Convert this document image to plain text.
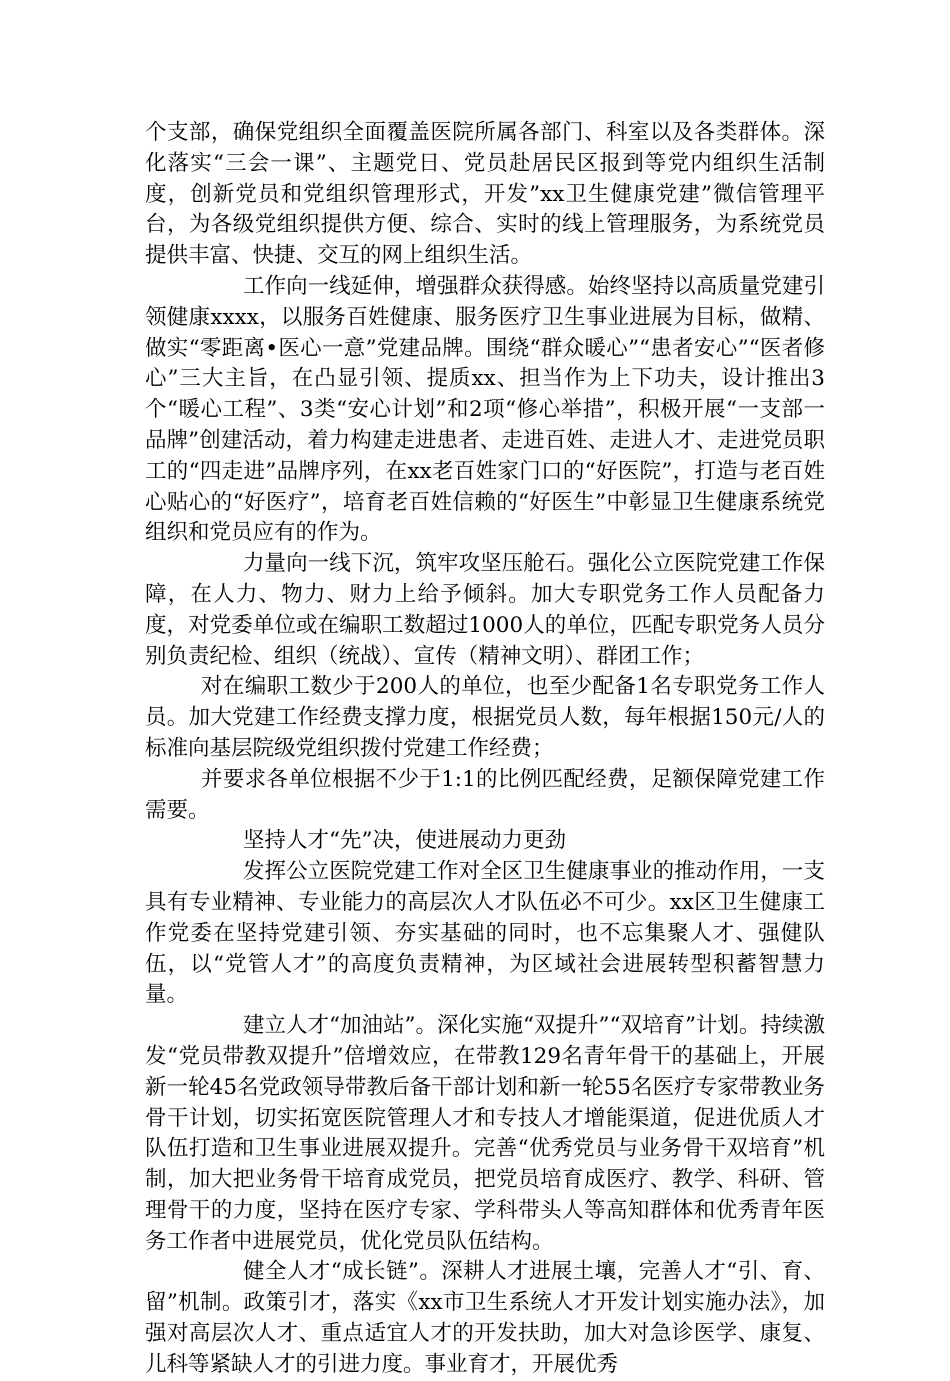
个支部，确保党组织全面覆盖医院所属各部门、科室以及各类群体。深化落实“三会一课”、主题党日、党员赴居民区报到等党内组织生活制度，创新党员和党组织管理形式，开发”xx卫生健康党建”微信管理平台，为各级党组织提供方便、综合、实时的线上管理服务，为系统党员提供丰富、快捷、交互的网上组织生活。

工作向一线延伸，增强群众获得感。始终坚持以高质量党建引领健康xxxx，以服务百姓健康、服务医疗卫生事业进展为目标，做精、做实“零距离•医心一意”党建品牌。围绕“群众暖心”“患者安心”“医者修心”三大主旨，在凸显引领、提质xx、担当作为上下功夫，设计推出3个“暖心工程”、3类“安心计划”和2项“修心举措”，积极开展“一支部一品牌”创建活动，着力构建走进患者、走进百姓、走进人才、走进党员职工的“四走进”品牌序列，在xx老百姓家门口的“好医院”，打造与老百姓心贴心的“好医疗”，培育老百姓信赖的“好医生”中彰显卫生健康系统党组织和党员应有的作为。

力量向一线下沉，筑牢攻坚压舱石。强化公立医院党建工作保障，在人力、物力、财力上给予倾斜。加大专职党务工作人员配备力度，对党委单位或在编职工数超过1000人的单位，匹配专职党务人员分别负责纪检、组织（统战）、宣传（精神文明）、群团工作；

对在编职工数少于200人的单位，也至少配备1名专职党务工作人员。加大党建工作经费支撑力度，根据党员人数，每年根据150元/人的标准向基层院级党组织拨付党建工作经费；

并要求各单位根据不少于1:1的比例匹配经费，足额保障党建工作需要。

坚持人才“先”决，使进展动力更劲

发挥公立医院党建工作对全区卫生健康事业的推动作用，一支具有专业精神、专业能力的高层次人才队伍必不可少。xx区卫生健康工作党委在坚持党建引领、夯实基础的同时，也不忘集聚人才、强健队伍，以“党管人才”的高度负责精神，为区域社会进展转型积蓄智慧力量。

建立人才“加油站”。深化实施“双提升”“双培育”计划。持续激发“党员带教双提升”倍增效应，在带教129名青年骨干的基础上，开展新一轮45名党政领导带教后备干部计划和新一轮55名医疗专家带教业务骨干计划，切实拓宽医院管理人才和专技人才增能渠道，促进优质人才队伍打造和卫生事业进展双提升。完善“优秀党员与业务骨干双培育”机制，加大把业务骨干培育成党员，把党员培育成医疗、教学、科研、管理骨干的力度，坚持在医疗专家、学科带头人等高知群体和优秀青年医务工作者中进展党员，优化党员队伍结构。

健全人才“成长链”。深耕人才进展土壤，完善人才“引、育、留”机制。政策引才，落实《xx市卫生系统人才开发计划实施办法》，加强对高层次人才、重点适宜人才的开发扶助，加大对急诊医学、康复、儿科等紧缺人才的引进力度。事业育才，开展优秀
